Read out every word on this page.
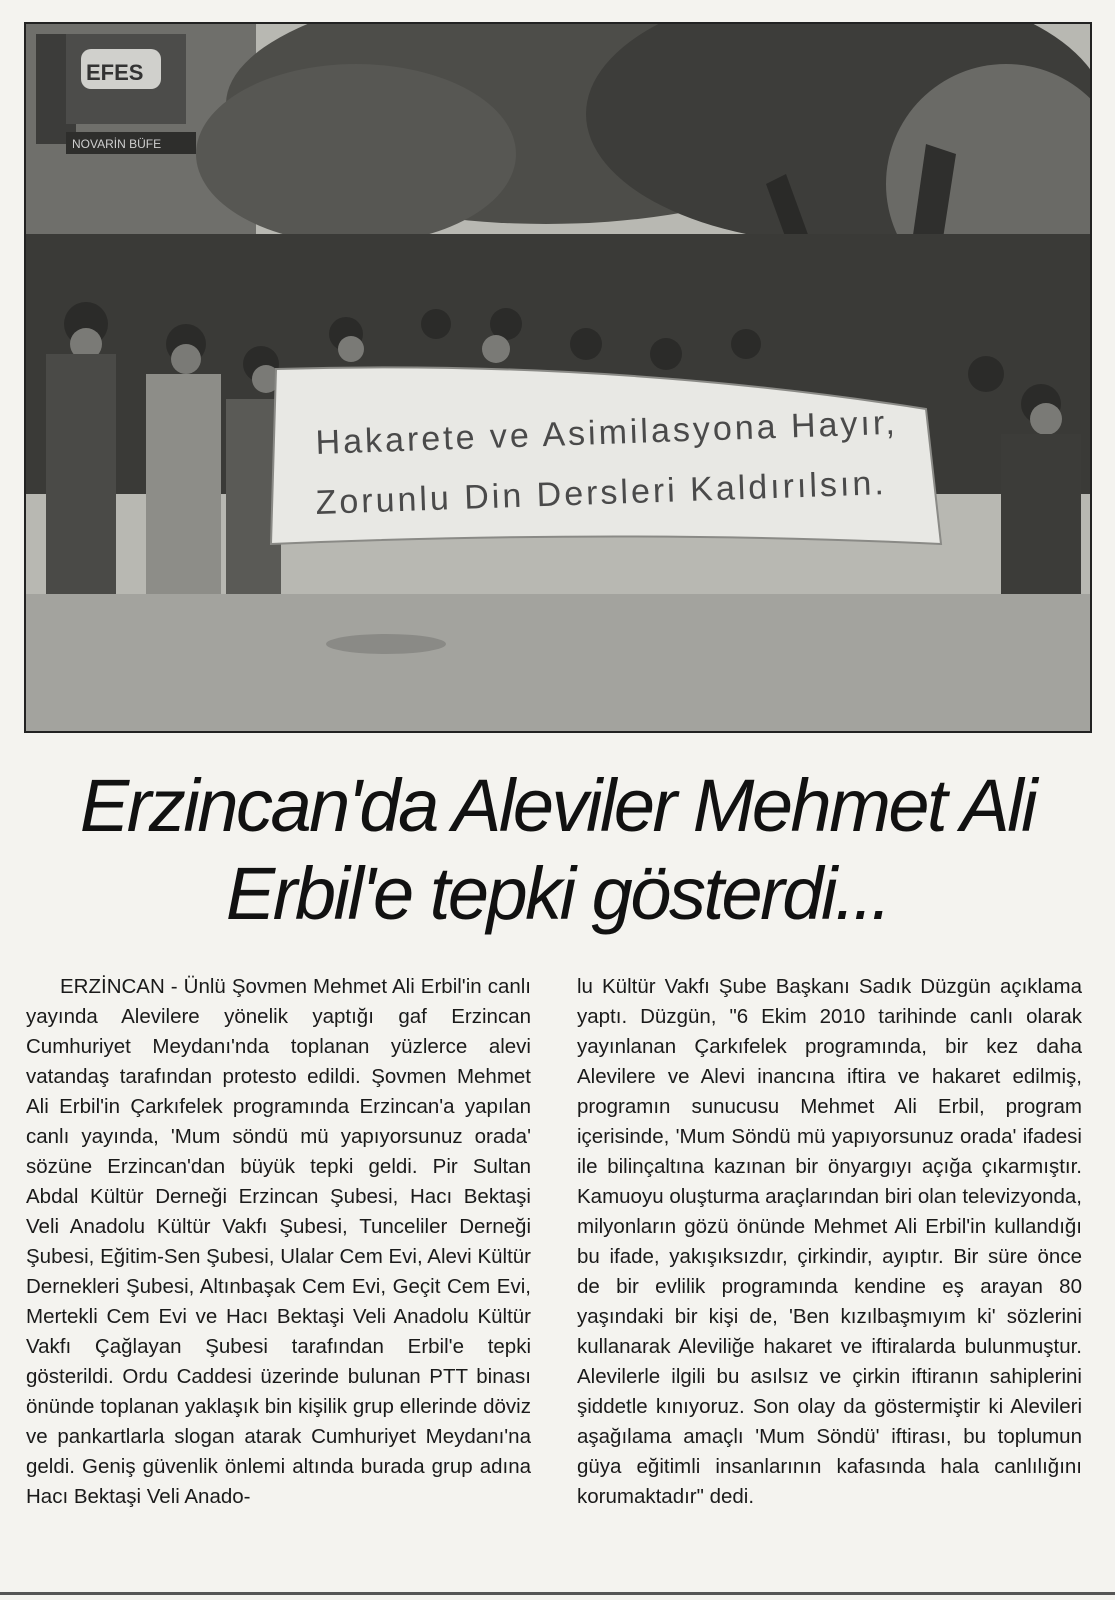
EFES
NOVARİN BÜFE
Hakarete ve Asimilasyona Hayır,
Zorunlu Din Dersleri Kaldırılsın.
Erzincan'da Aleviler Mehmet Ali Erbil'e tepki gösterdi...

ERZİNCAN - Ünlü Şovmen Mehmet Ali Erbil'in canlı yayında Alevilere yönelik yaptığı gaf Erzincan Cumhuriyet Meydanı'nda toplanan yüzlerce alevi vatandaş tarafından protesto edildi. Şovmen Mehmet Ali Erbil'in Çarkıfelek programında Erzincan'a yapılan canlı yayında, 'Mum söndü mü yapıyorsunuz orada' sözüne Erzincan'dan büyük tepki geldi. Pir Sultan Abdal Kültür Derneği Erzincan Şubesi, Hacı Bektaşi Veli Anadolu Kültür Vakfı Şubesi, Tunceliler Derneği Şubesi, Eğitim-Sen Şubesi, Ulalar Cem Evi, Alevi Kültür Dernekleri Şubesi, Altınbaşak Cem Evi, Geçit Cem Evi, Mertekli Cem Evi ve Hacı Bektaşi Veli Anadolu Kültür Vakfı Çağlayan Şubesi tarafından Erbil'e tepki gösterildi. Ordu Caddesi üzerinde bulunan PTT binası önünde toplanan yaklaşık bin kişilik grup ellerinde döviz ve pankartlarla slogan atarak Cumhuriyet Meydanı'na geldi. Geniş güvenlik önlemi altında burada grup adına Hacı Bektaşi Veli Anado-

lu Kültür Vakfı Şube Başkanı Sadık Düzgün açıklama yaptı. Düzgün, "6 Ekim 2010 tarihinde canlı olarak yayınlanan Çarkıfelek programında, bir kez daha Alevilere ve Alevi inancına iftira ve hakaret edilmiş, programın sunucusu Mehmet Ali Erbil, program içerisinde, 'Mum Söndü mü yapıyorsunuz orada' ifadesi ile bilinçaltına kazınan bir önyargıyı açığa çıkarmıştır. Kamuoyu oluşturma araçlarından biri olan televizyonda, milyonların gözü önünde Mehmet Ali Erbil'in kullandığı bu ifade, yakışıksızdır, çirkindir, ayıptır. Bir süre önce de bir evlilik programında kendine eş arayan 80 yaşındaki bir kişi de, 'Ben kızılbaşmıyım ki' sözlerini kullanarak Aleviliğe hakaret ve iftiralarda bulunmuştur. Alevilerle ilgili bu asılsız ve çirkin iftiranın sahiplerini şiddetle kınıyoruz. Son olay da göstermiştir ki Alevileri aşağılama amaçlı 'Mum Söndü' iftirası, bu toplumun güya eğitimli insanlarının kafasında hala canlılığını korumaktadır" dedi.
